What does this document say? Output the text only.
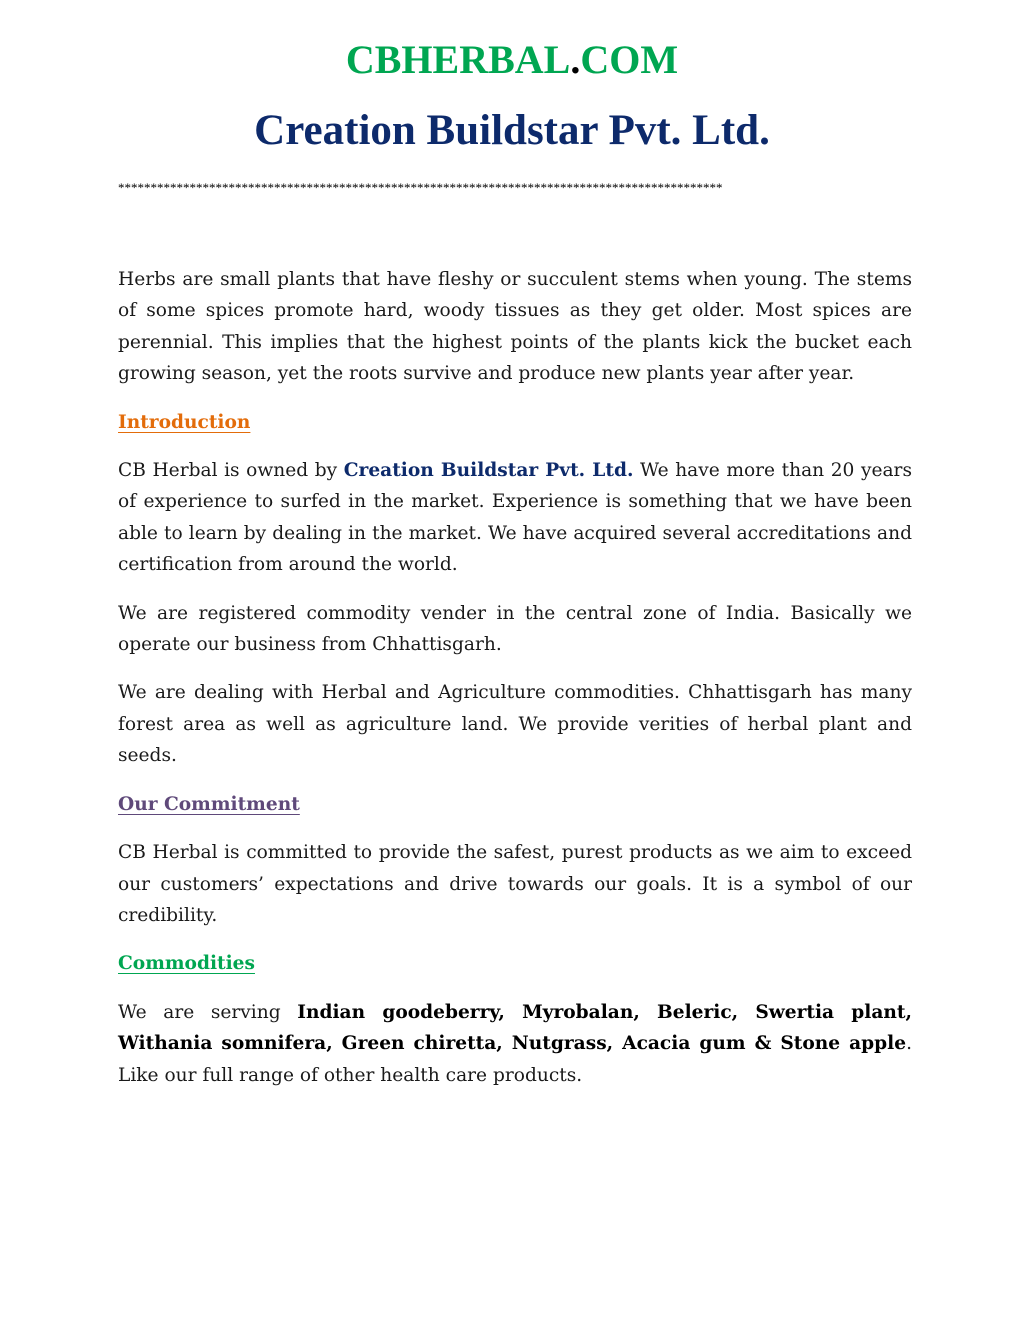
CBHERBAL.COM
Creation Buildstar Pvt. Ltd.
*********************************************************************************************

Herbs are small plants that have fleshy or succulent stems when young. The stems of some spices promote hard, woody tissues as they get older. Most spices are perennial. This implies that the highest points of the plants kick the bucket each growing season, yet the roots survive and produce new plants year after year.

Introduction

CB Herbal is owned by Creation Buildstar Pvt. Ltd. We have more than 20 years of experience to surfed in the market. Experience is something that we have been able to learn by dealing in the market. We have acquired several accreditations and certification from around the world.

We are registered commodity vender in the central zone of India. Basically we operate our business from Chhattisgarh.

We are dealing with Herbal and Agriculture commodities. Chhattisgarh has many forest area as well as agriculture land. We provide verities of herbal plant and seeds.

Our Commitment

CB Herbal is committed to provide the safest, purest products as we aim to exceed our customers’ expectations and drive towards our goals. It is a symbol of our credibility.

Commodities

We are serving Indian goodeberry, Myrobalan, Beleric, Swertia plant, Withania somnifera, Green chiretta, Nutgrass, Acacia gum & Stone apple. Like our full range of other health care products.
